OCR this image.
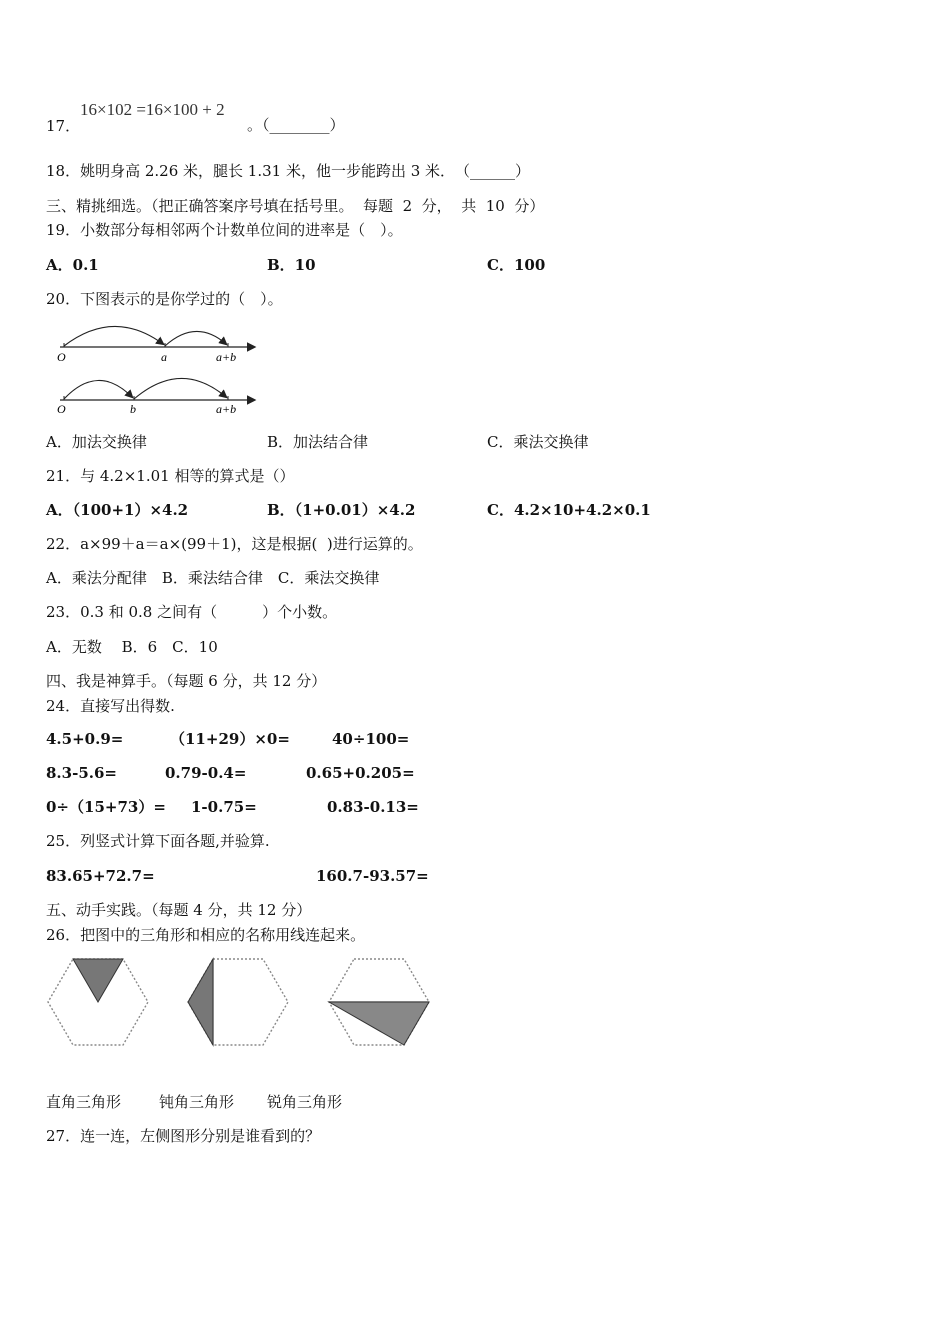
17．
16×102 =16×100 + 2
。（________）
18．姚明身高 2.26 米，腿长 1.31 米，他一步能跨出 3 米．　（______）
三、精挑细选。（把正确答案序号填在括号里。  每题  2  分，  共  10  分）
19．小数部分每相邻两个计数单位间的进率是（　）。
A．0.1	B．10	C．100
20．下图表示的是你学过的（　）。
O	a	a+b
O	b	a+b
A．加法交换律	B．加法结合律	C．乘法交换律
21．与 4.2×1.01 相等的算式是（）
A．（100+1）×4.2	B．（1+0.01）×4.2	C．4.2×10+4.2×0.1
22．a×99＋a＝a×(99＋1)，这是根据(  )进行运算的。
A．乘法分配律　B．乘法结合律　C．乘法交换律
23．0.3 和 0.8 之间有（　　　）个小数。
A．无数　 B．6　C．10
四、我是神算手。（每题 6 分，共 12 分）
24．直接写出得数.
4.5+0.9=	（11+29）×0=	40÷100=
8.3-5.6=	0.79-0.4=	0.65+0.205=
0÷（15+73）= 1-0.75=	0.83-0.13=
25．列竖式计算下面各题,并验算.
83.65+72.7=	160.7-93.57=
五、动手实践。（每题 4 分，共 12 分）
26．把图中的三角形和相应的名称用线连起来。
直角三角形	钝角三角形 锐角三角形
27．连一连，左侧图形分别是谁看到的？
